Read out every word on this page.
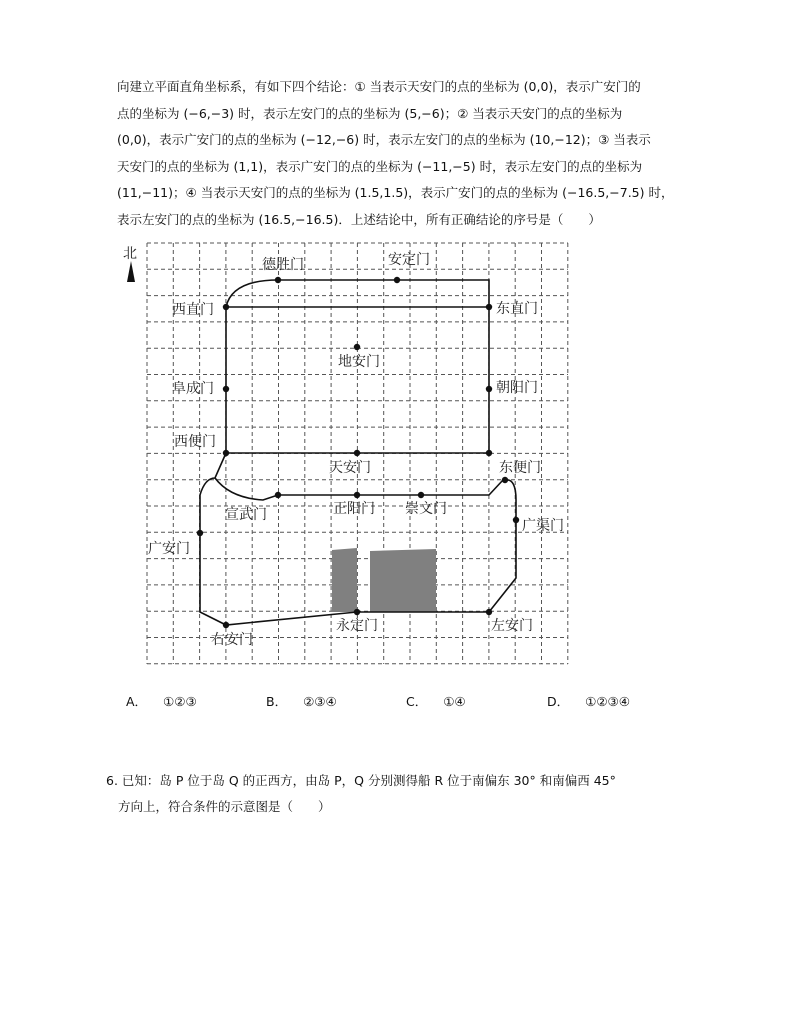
向建立平面直角坐标系，有如下四个结论：① 当表示天安门的点的坐标为 (0,0)，表示广安门的
点的坐标为 (−6,−3) 时，表示左安门的点的坐标为 (5,−6)；② 当表示天安门的点的坐标为
(0,0)，表示广安门的点的坐标为 (−12,−6) 时，表示左安门的点的坐标为 (10,−12)；③ 当表示
天安门的点的坐标为 (1,1)，表示广安门的点的坐标为 (−11,−5) 时，表示左安门的点的坐标为
(11,−11)；④ 当表示天安门的点的坐标为 (1.5,1.5)，表示广安门的点的坐标为 (−16.5,−7.5) 时，
表示左安门的点的坐标为 (16.5,−16.5)．上述结论中，所有正确结论的序号是（　　）
北
德胜门	安定门
西直门	东直门
地安门
阜成门	朝阳门
西便门
天安门	东便门
宣武门	正阳门 崇文门
广渠门
广安门
右安门
永定门	左安门
A． ①②③	B． ②③④	C． ①④	D． ①②③④
6. 已知：岛 P 位于岛 Q 的正西方，由岛 P，Q 分别测得船 R 位于南偏东 30° 和南偏西 45°
方向上，符合条件的示意图是（　　）
